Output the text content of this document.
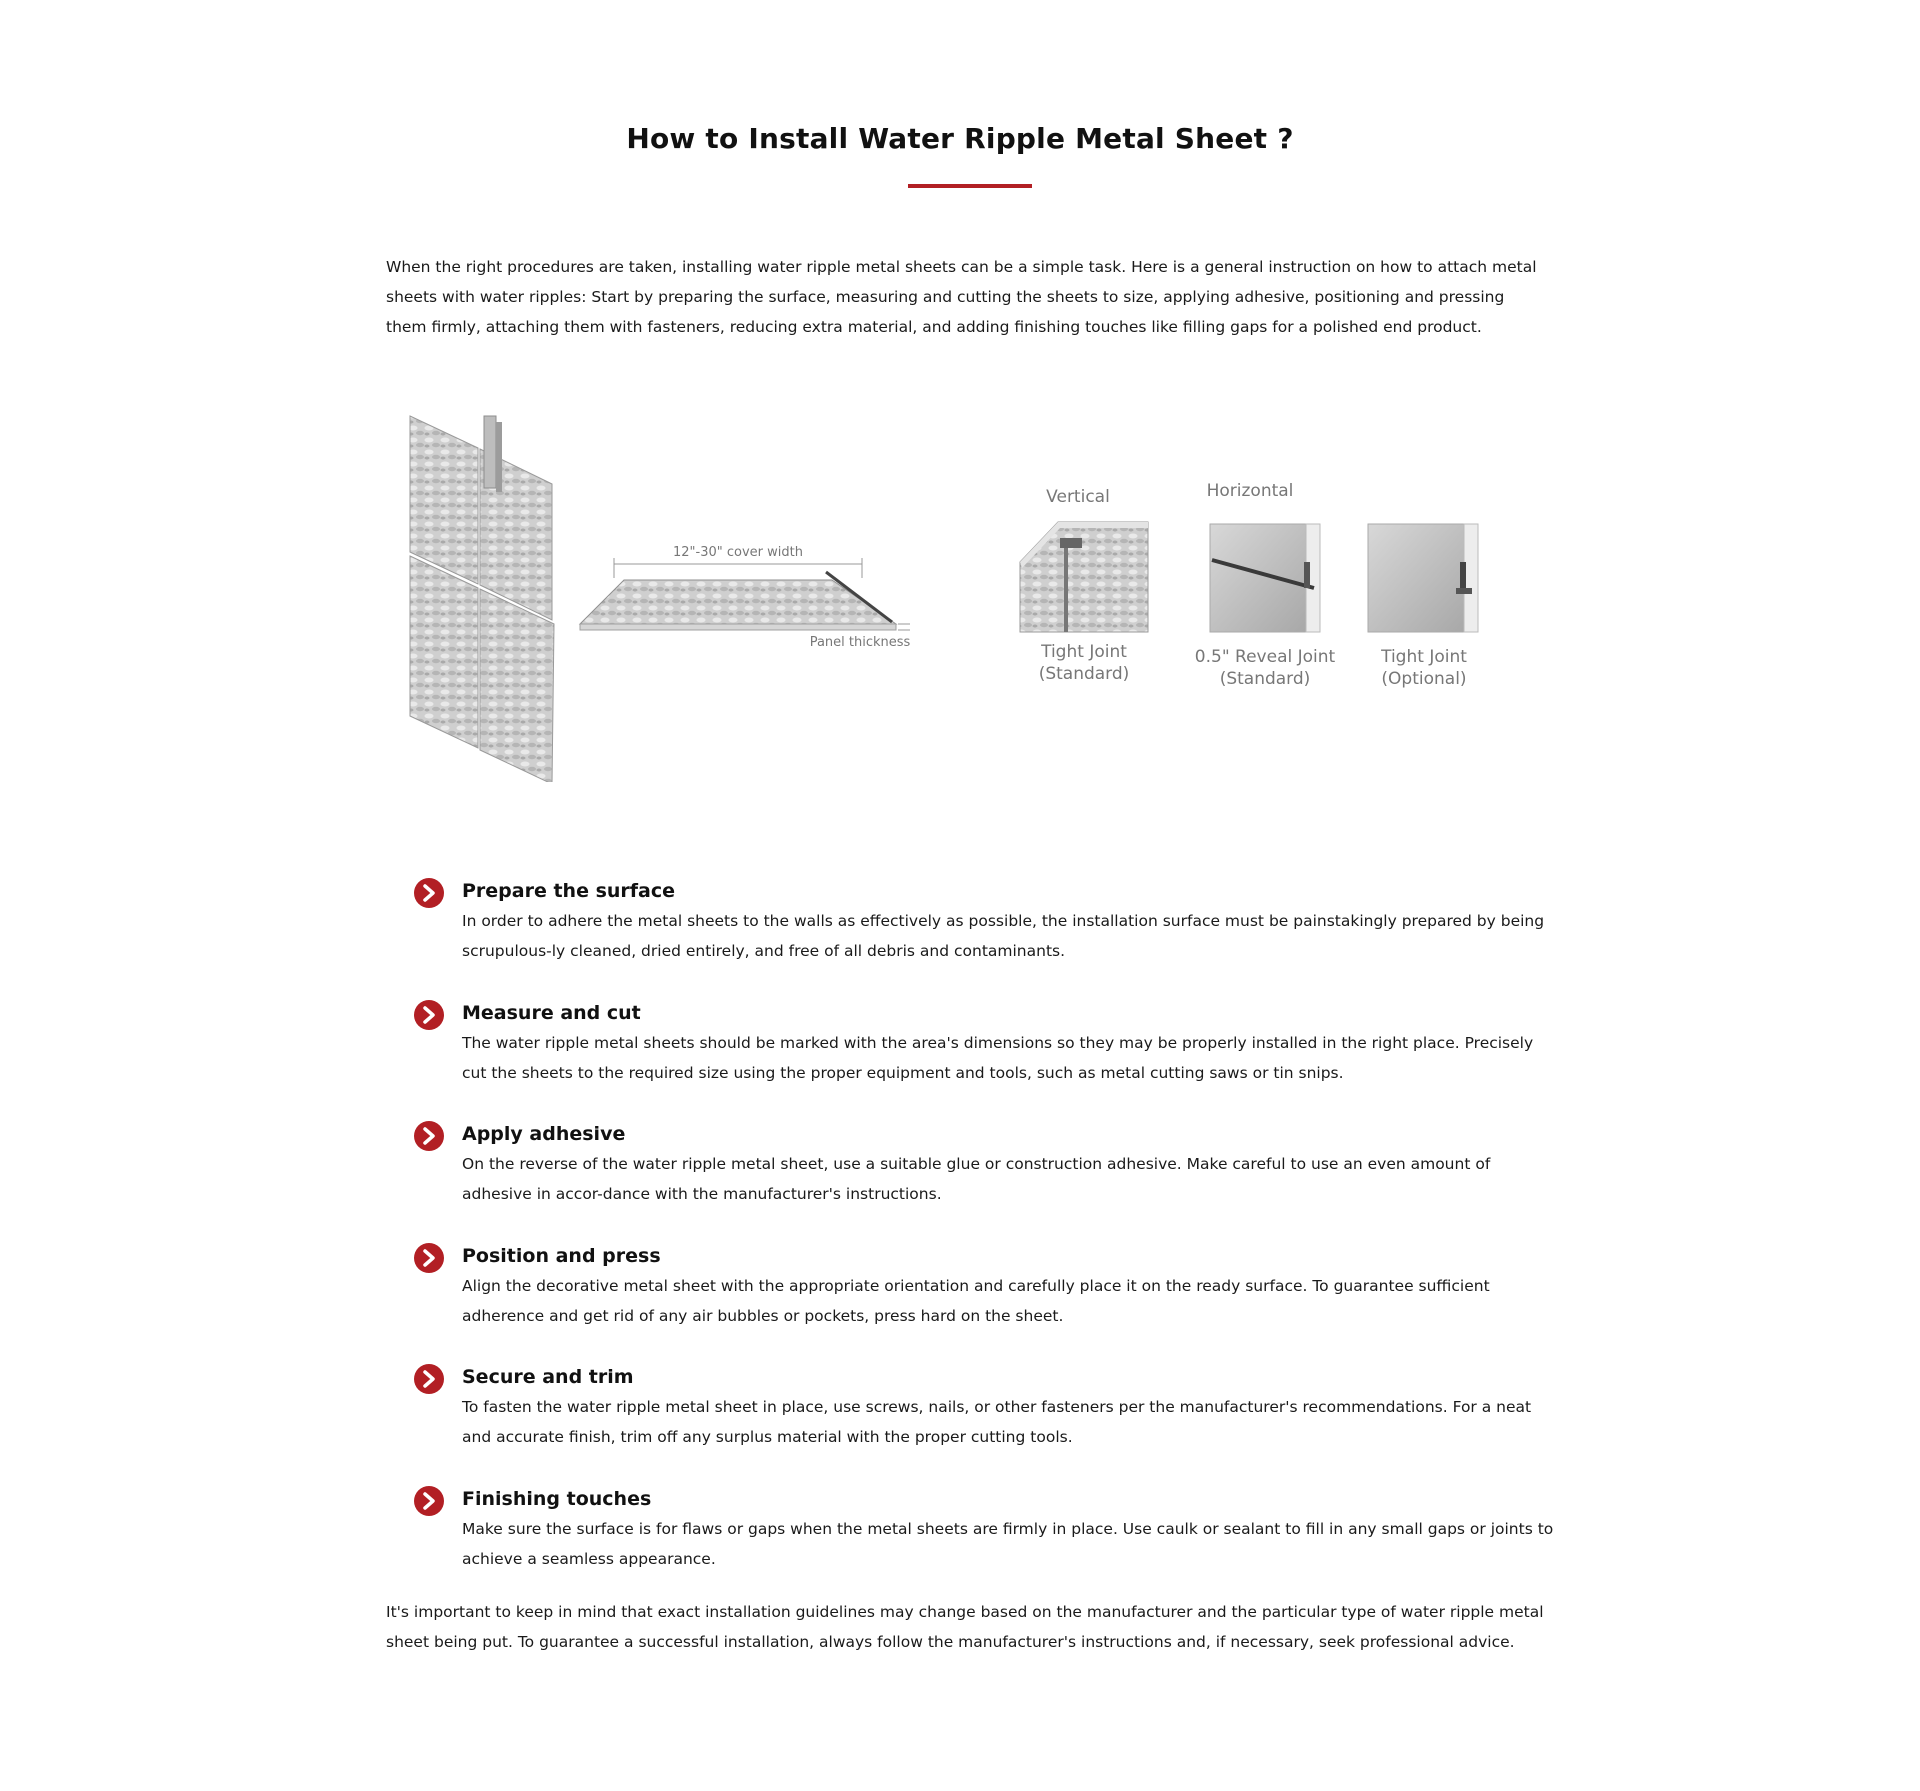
How to Install Water Ripple Metal Sheet ?

When the right procedures are taken, installing water ripple metal sheets can be a simple task. Here is a general instruction on how to attach metal sheets with water ripples: Start by preparing the surface, measuring and cutting the sheets to size, applying adhesive, positioning and pressing them firmly, attaching them with fasteners, reducing extra material, and adding finishing touches like filling gaps for a polished end product.

12"-30" cover width
Panel thickness
Vertical	Horizontal
Tight Joint
(Standard)
0.5" Reveal Joint
(Standard)
Tight Joint
(Optional)
Prepare the surface

In order to adhere the metal sheets to the walls as effectively as possible, the installation surface must be painstakingly prepared by being scrupulous-ly cleaned, dried entirely, and free of all debris and contaminants.

Measure and cut

The water ripple metal sheets should be marked with the area's dimensions so they may be properly installed in the right place. Precisely cut the sheets to the required size using the proper equipment and tools, such as metal cutting saws or tin snips.

Apply adhesive

On the reverse of the water ripple metal sheet, use a suitable glue or construction adhesive. Make careful to use an even amount of adhesive in accor-dance with the manufacturer's instructions.

Position and press

Align the decorative metal sheet with the appropriate orientation and carefully place it on the ready surface. To guarantee sufficient adherence and get rid of any air bubbles or pockets, press hard on the sheet.

Secure and trim

To fasten the water ripple metal sheet in place, use screws, nails, or other fasteners per the manufacturer's recommendations. For a neat and accurate finish, trim off any surplus material with the proper cutting tools.

Finishing touches

Make sure the surface is for flaws or gaps when the metal sheets are firmly in place. Use caulk or sealant to fill in any small gaps or joints to achieve a seamless appearance.

It's important to keep in mind that exact installation guidelines may change based on the manufacturer and the particular type of water ripple metal sheet being put. To guarantee a successful installation, always follow the manufacturer's instructions and, if necessary, seek professional advice.
